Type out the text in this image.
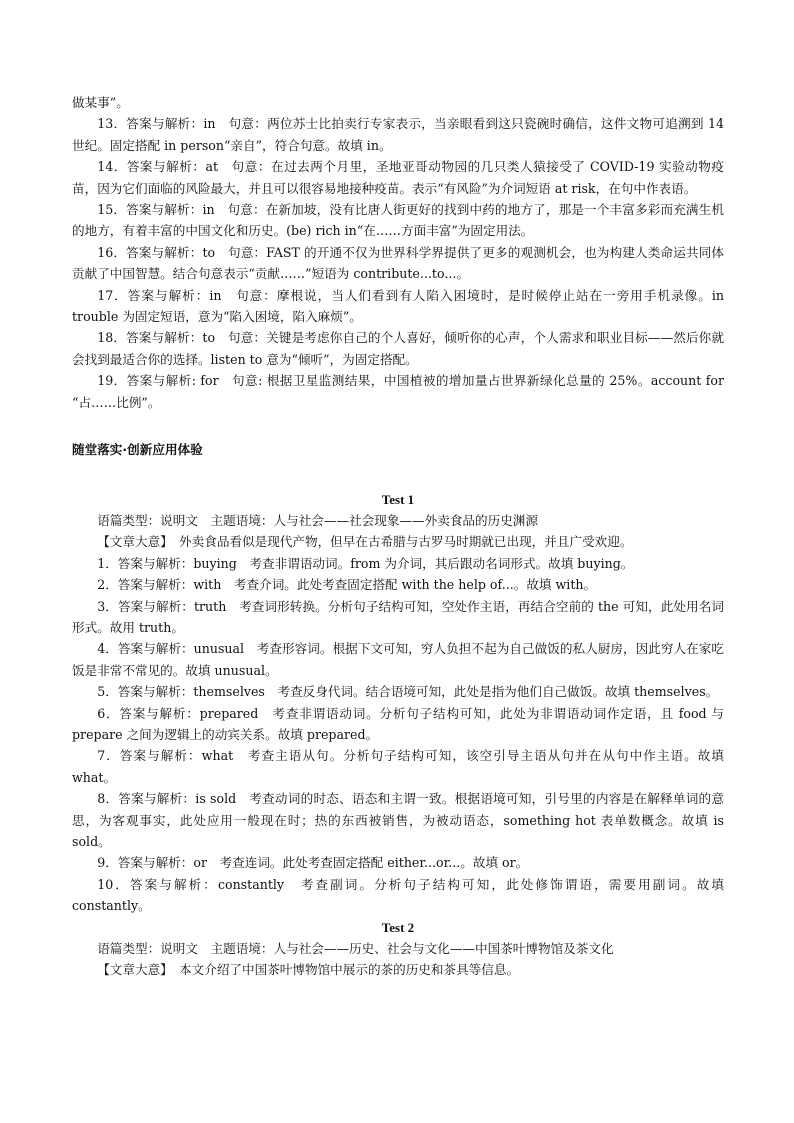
做某事”。

13．答案与解析：in　句意：两位苏士比拍卖行专家表示，当亲眼看到这只瓷碗时确信，这件文物可追溯到 14 世纪。固定搭配 in person“亲自”，符合句意。故填 in。

14．答案与解析：at　句意：在过去两个月里，圣地亚哥动物园的几只类人猿接受了 COVID-19 实验动物疫苗，因为它们面临的风险最大，并且可以很容易地接种疫苗。表示“有风险”为介词短语 at risk，在句中作表语。

15．答案与解析：in　句意：在新加坡，没有比唐人街更好的找到中药的地方了，那是一个丰富多彩而充满生机的地方，有着丰富的中国文化和历史。(be) rich in“在……方面丰富”为固定用法。

16．答案与解析：to　句意：FAST 的开通不仅为世界科学界提供了更多的观测机会，也为构建人类命运共同体贡献了中国智慧。结合句意表示“贡献……”短语为 contribute...to...。

17．答案与解析：in　句意：摩根说，当人们看到有人陷入困境时，是时候停止站在一旁用手机录像。in trouble 为固定短语，意为“陷入困境，陷入麻烦”。

18．答案与解析：to　句意：关键是考虑你自己的个人喜好，倾听你的心声，个人需求和职业目标——然后你就会找到最适合你的选择。listen to 意为“倾听”，为固定搭配。

19．答案与解析: for　句意: 根据卫星监测结果，中国植被的增加量占世界新绿化总量的 25%。account for “占……比例”。

随堂落实·创新应用体验

Test 1

语篇类型：说明文　主题语境：人与社会——社会现象——外卖食品的历史渊源

【文章大意】　外卖食品看似是现代产物，但早在古希腊与古罗马时期就已出现，并且广受欢迎。

1．答案与解析：buying　考查非谓语动词。from 为介词，其后跟动名词形式。故填 buying。

2．答案与解析：with　考查介词。此处考查固定搭配 with the help of...。故填 with。

3．答案与解析：truth　考查词形转换。分析句子结构可知，空处作主语，再结合空前的 the 可知，此处用名词形式。故用 truth。

4．答案与解析：unusual　考查形容词。根据下文可知，穷人负担不起为自己做饭的私人厨房，因此穷人在家吃饭是非常不常见的。故填 unusual。

5．答案与解析：themselves　考查反身代词。结合语境可知，此处是指为他们自己做饭。故填 themselves。

6．答案与解析：prepared　考查非谓语动词。分析句子结构可知，此处为非谓语动词作定语，且 food 与 prepare 之间为逻辑上的动宾关系。故填 prepared。

7．答案与解析：what　考查主语从句。分析句子结构可知，该空引导主语从句并在从句中作主语。故填 what。

8．答案与解析：is sold　考查动词的时态、语态和主谓一致。根据语境可知，引号里的内容是在解释单词的意思，为客观事实，此处应用一般现在时；热的东西被销售，为被动语态，something hot 表单数概念。故填 is sold。

9．答案与解析：or　考查连词。此处考查固定搭配 either...or...。故填 or。

10．答案与解析：constantly　考查副词。分析句子结构可知，此处修饰谓语，需要用副词。故填 constantly。

Test 2

语篇类型：说明文　主题语境：人与社会——历史、社会与文化——中国茶叶博物馆及茶文化

【文章大意】　本文介绍了中国茶叶博物馆中展示的茶的历史和茶具等信息。
